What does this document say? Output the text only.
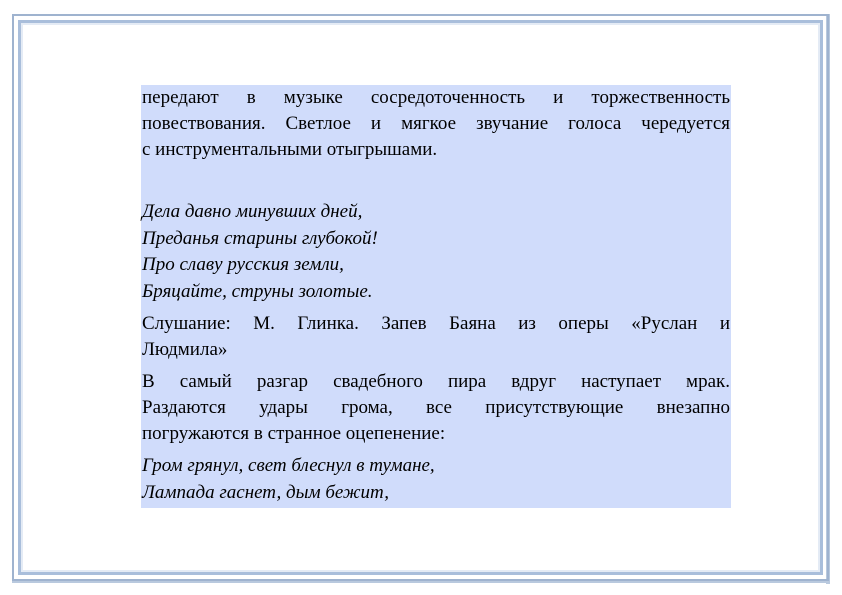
передают в музыке сосредоточенность и торжественность
повествования. Светлое и мягкое звучание голоса чередуется
с инструментальными отыгрышами.

Дела давно минувших дней,
Преданья старины глубокой!
Про славу русския земли,
Бряцайте, струны золотые.

Слушание: М. Глинка. Запев Баяна из оперы «Руслан и
Людмила»

В самый разгар свадебного пира вдруг наступает мрак.
Раздаются удары грома, все присутствующие внезапно
погружаются в странное оцепенение:

Гром грянул, свет блеснул в тумане,
Лампада гаснет, дым бежит,
